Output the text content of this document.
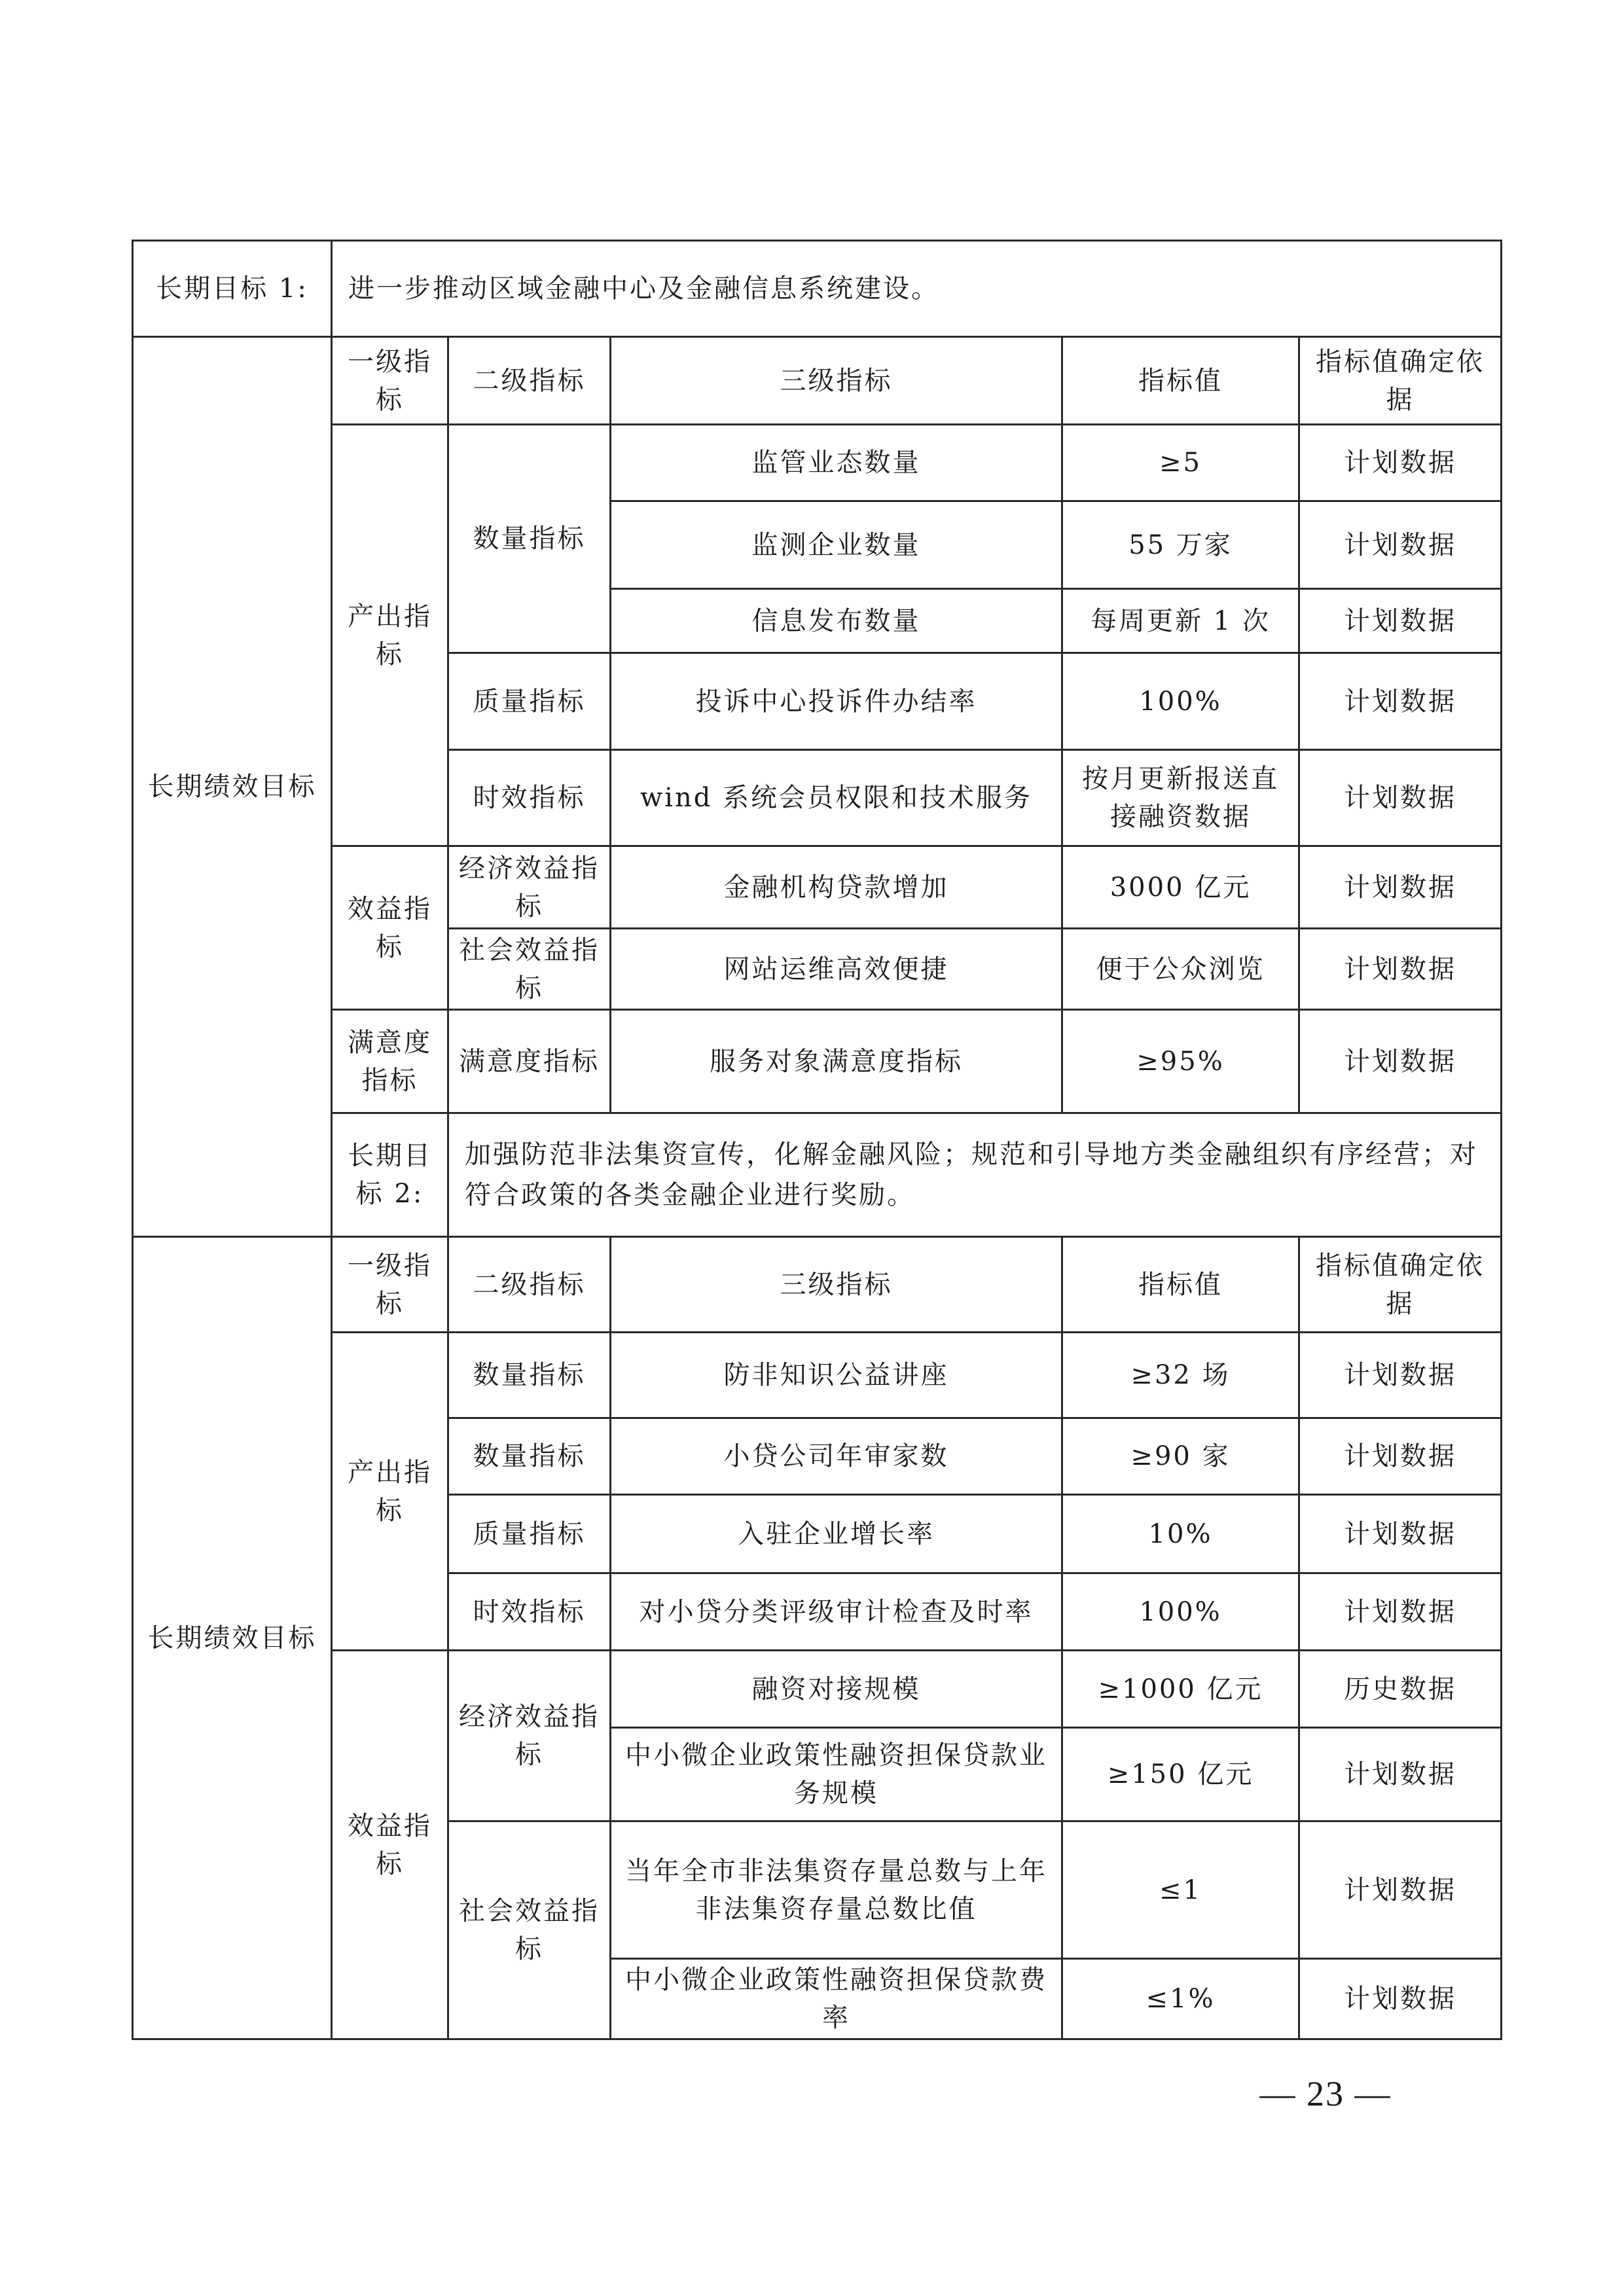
长期目标 1:	进一步推动区域金融中心及金融信息系统建设。				
长期绩效目标	一级指标	二级指标	三级指标	指标值	指标值确定依据
	产出指标	数量指标	监管业态数量	≥5	计划数据
			监测企业数量	55 万家	计划数据
			信息发布数量	每周更新 1 次	计划数据
		质量指标	投诉中心投诉件办结率	100%	计划数据
		时效指标	wind 系统会员权限和技术服务	按月更新报送直接融资数据	计划数据
	效益指标	经济效益指标	金融机构贷款增加	3000 亿元	计划数据
		社会效益指标	网站运维高效便捷	便于公众浏览	计划数据
	满意度指标	满意度指标	服务对象满意度指标	≥95%	计划数据
	长期目标 2:	加强防范非法集资宣传，化解金融风险；规范和引导地方类金融组织有序经营；对符合政策的各类金融企业进行奖励。			
长期绩效目标	一级指标	二级指标	三级指标	指标值	指标值确定依据
	产出指标	数量指标	防非知识公益讲座	≥32 场	计划数据
		数量指标	小贷公司年审家数	≥90 家	计划数据
		质量指标	入驻企业增长率	10%	计划数据
		时效指标	对小贷分类评级审计检查及时率	100%	计划数据
	效益指标	经济效益指标	融资对接规模	≥1000 亿元	历史数据
			中小微企业政策性融资担保贷款业务规模	≥150 亿元	计划数据
		社会效益指标	当年全市非法集资存量总数与上年非法集资存量总数比值	≤1	计划数据
			中小微企业政策性融资担保贷款费率	≤1%	计划数据
— 23 —
